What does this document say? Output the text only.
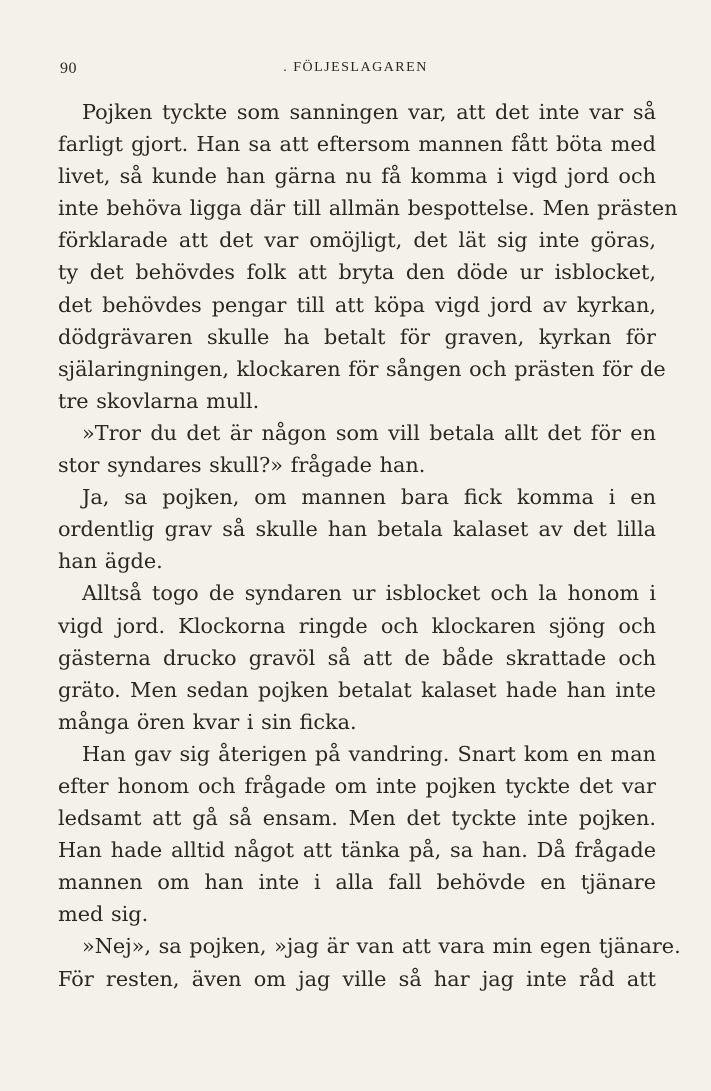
90	. FÖLJESLAGAREN
Pojken tyckte som sanningen var, att det inte var så
farligt gjort. Han sa att eftersom mannen fått böta med
livet, så kunde han gärna nu få komma i vigd jord och
inte behöva ligga där till allmän bespottelse. Men prästen
förklarade att det var omöjligt, det lät sig inte göras,
ty det behövdes folk att bryta den döde ur isblocket,
det behövdes pengar till att köpa vigd jord av kyrkan,
dödgrävaren skulle ha betalt för graven, kyrkan för
själaringningen, klockaren för sången och prästen för de
tre skovlarna mull.
»Tror du det är någon som vill betala allt det för en
stor syndares skull?» frågade han.
Ja, sa pojken, om mannen bara fick komma i en
ordentlig grav så skulle han betala kalaset av det lilla
han ägde.
Alltså togo de syndaren ur isblocket och la honom i
vigd jord. Klockorna ringde och klockaren sjöng och
gästerna drucko gravöl så att de både skrattade och
gräto. Men sedan pojken betalat kalaset hade han inte
många ören kvar i sin ficka.
Han gav sig återigen på vandring. Snart kom en man
efter honom och frågade om inte pojken tyckte det var
ledsamt att gå så ensam. Men det tyckte inte pojken.
Han hade alltid något att tänka på, sa han. Då frågade
mannen om han inte i alla fall behövde en tjänare
med sig.
»Nej», sa pojken, »jag är van att vara min egen tjänare.
För resten, även om jag ville så har jag inte råd att
